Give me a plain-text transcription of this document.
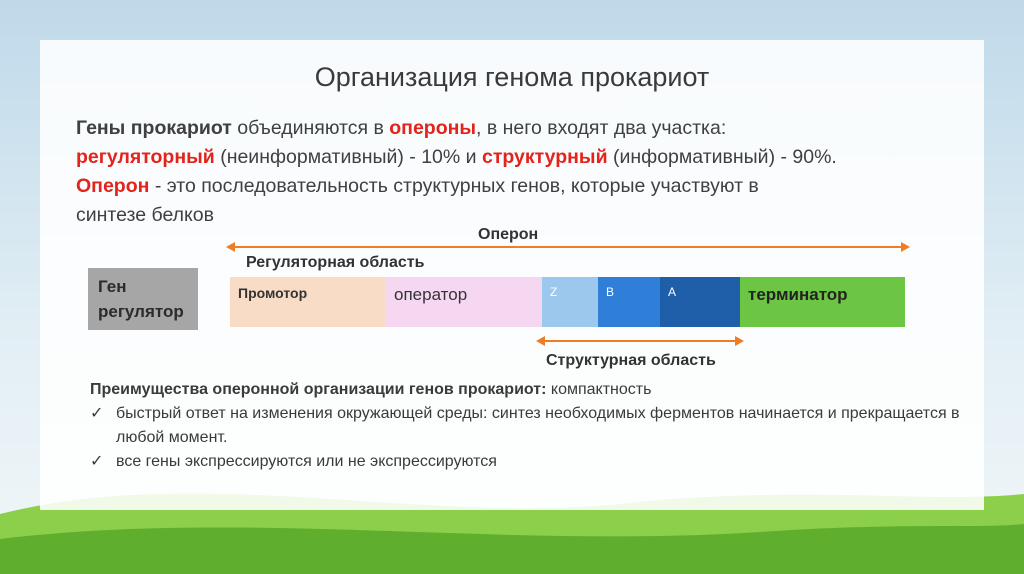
Организация генома прокариот
Гены прокариот объединяются в опероны, в него входят два участка:
регуляторный (неинформативный) - 10% и структурный (информативный) - 90%.
Оперон - это последовательность структурных генов, которые участвуют в
синтезе белков
Оперон
Регуляторная область
Ген
регулятор
Промотор	оператор	Z	B	A	терминатор
Структурная область
Преимущества оперонной организации генов прокариот: компактность
✓ быстрый ответ на изменения окружающей среды: синтез необходимых ферментов начинается и прекращается в любой момент.
✓ все гены экспрессируются или не экспрессируются
